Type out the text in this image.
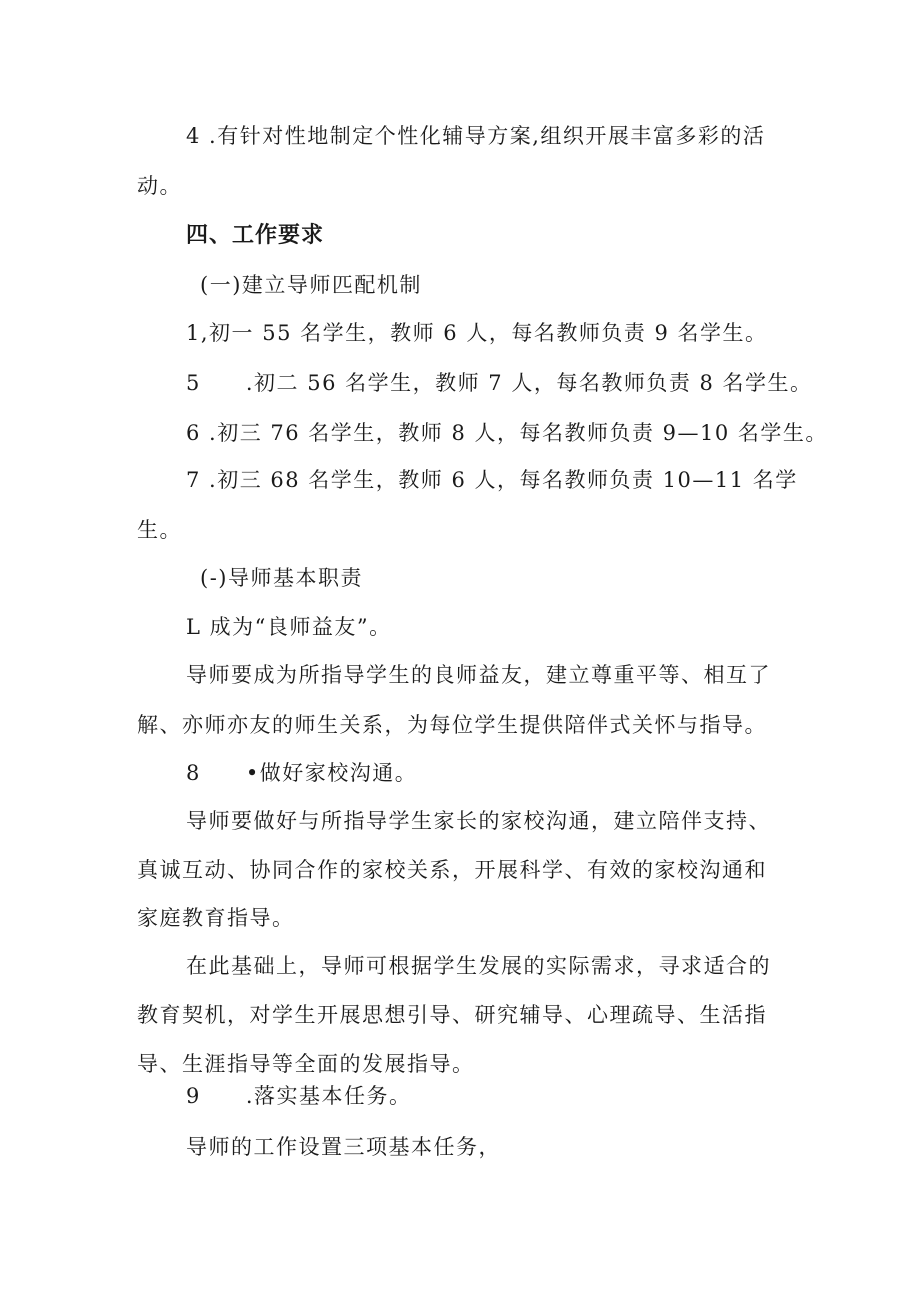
4 .有针对性地制定个性化辅导方案,组织开展丰富多彩的活
动。
四、工作要求
(一)建立导师匹配机制
1,初一 55 名学生，教师 6 人，每名教师负责 9 名学生。
5　　.初二 56 名学生，教师 7 人，每名教师负责 8 名学生。
6 .初三 76 名学生，教师 8 人，每名教师负责 9—10 名学生。
7 .初三 68 名学生，教师 6 人，每名教师负责 10—11 名学
生。
(-)导师基本职责
L 成为“良师益友”。
导师要成为所指导学生的良师益友，建立尊重平等、相互了
解、亦师亦友的师生关系，为每位学生提供陪伴式关怀与指导。
8　　•做好家校沟通。
导师要做好与所指导学生家长的家校沟通，建立陪伴支持、
真诚互动、协同合作的家校关系，开展科学、有效的家校沟通和
家庭教育指导。
在此基础上，导师可根据学生发展的实际需求，寻求适合的
教育契机，对学生开展思想引导、研究辅导、心理疏导、生活指
导、生涯指导等全面的发展指导。
9　　.落实基本任务。
导师的工作设置三项基本任务，
